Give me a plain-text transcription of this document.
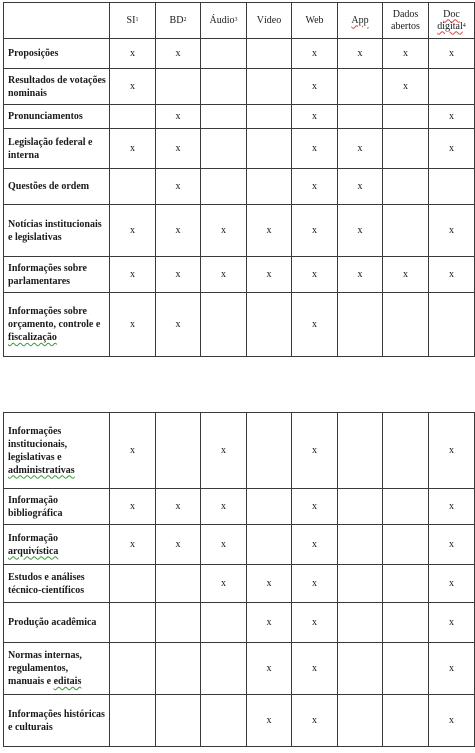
	$SI^1$	$BD^2$	Áudio$^3$	Vídeo	Web	App	Dados abertos	Doc digital$^4$
Proposições	x	x			x	x	x	x
Resultados de votações nominais	x				x		x	
Pronunciamentos		x			x			x
Legislação federal e interna	x	x			x	x		x
Questões de ordem		x			x	x		
Notícias institucionais e legislativas	x	x	x	x	x	x		x
Informações sobre parlamentares	x	x	x	x	x	x	x	x
Informações sobre orçamento, controle e fiscalização	x	x			x			
Informações institucionais, legislativas e administrativas	x		x		x			x
Informação bibliográfica	x	x	x		x			x
Informação arquivística	x	x	x		x			x
Estudos e análises técnico-científicos			x	x	x			x
Produção acadêmica				x	x			x
Normas internas, regulamentos, manuais e editais				x	x			x
Informações históricas e culturais				x	x			x
